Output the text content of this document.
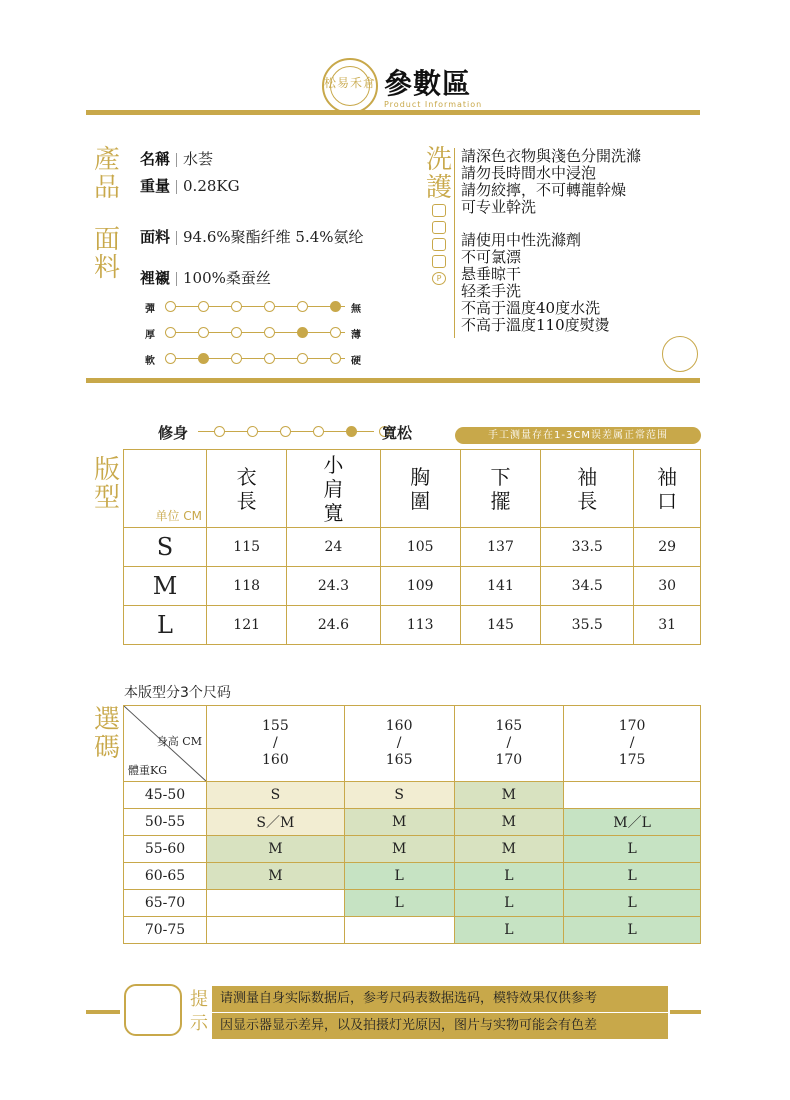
松易禾倉 參數區
Product Information
產品
面料
名稱 水荟
重量 0.28KG
面料 94.6%聚酯纤维 5.4%氨纶
裡襯 100%桑蚕丝
彈	無
厚	薄
軟	硬
洗護
P
請深色衣物與淺色分開洗滌
請勿長時間水中浸泡
請勿絞擰，不可轉龍幹燥
可专业幹洗
請使用中性洗滌劑
不可氯漂
悬垂晾干
轻柔手洗
不高于溫度40度水洗
不高于溫度110度熨燙
修身	寬松	手工测量存在1-3CM误差属正常范围
版型
单位 CM	衣長	小肩寬	胸圍	下擺	袖長	袖口

S	115	24	105	137	33.5	29
M	118	24.3	109	141	34.5	30
L	121	24.6	113	145	35.5	31
本版型分3个尺码
選碼	身高 CM
體重KG	155 / 160	160 / 165	165 / 170	170 / 175

45-50	S	S	M	
50-55	S／M	M	M	M／L
55-60	M	M	M	L
60-65	M	L	L	L
65-70		L	L	L
70-75			L	L
提示
请测量自身实际数据后，参考尺码表数据选码，模特效果仅供参考
因显示器显示差异，以及拍摄灯光原因，图片与实物可能会有色差
